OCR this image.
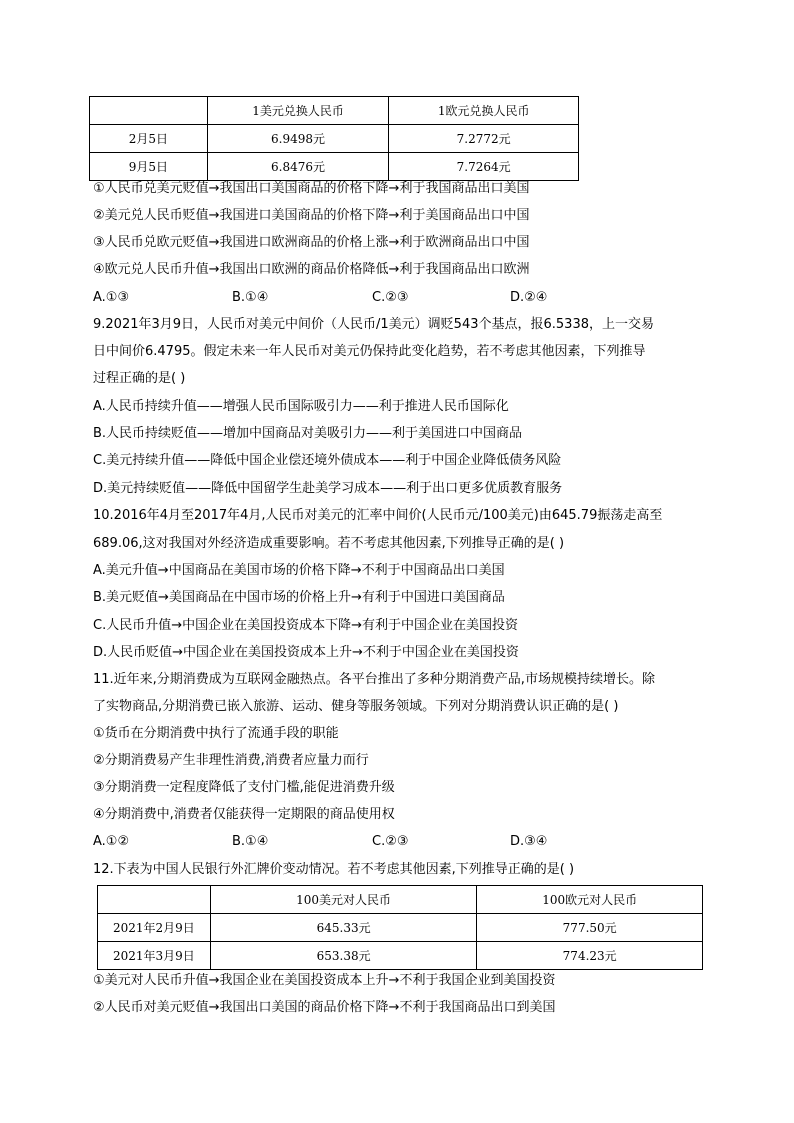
	1美元兑换人民币	1欧元兑换人民币
2月5日	6.9498元	7.2772元
9月5日	6.8476元	7.7264元
①人民币兑美元贬值→我国出口美国商品的价格下降→利于我国商品出口美国
②美元兑人民币贬值→我国进口美国商品的价格下降→利于美国商品出口中国
③人民币兑欧元贬值→我国进口欧洲商品的价格上涨→利于欧洲商品出口中国
④欧元兑人民币升值→我国出口欧洲的商品价格降低→利于我国商品出口欧洲
A.①③	B.①④	C.②③	D.②④
9.2021年3月9日，人民币对美元中间价（人民币/1美元）调贬543个基点，报6.5338，上一交易
日中间价6.4795。假定未来一年人民币对美元仍保持此变化趋势，若不考虑其他因素，下列推导
过程正确的是( )
A.人民币持续升值——增强人民币国际吸引力——利于推进人民币国际化
B.人民币持续贬值——增加中国商品对美吸引力——利于美国进口中国商品
C.美元持续升值——降低中国企业偿还境外债成本——利于中国企业降低债务风险
D.美元持续贬值——降低中国留学生赴美学习成本——利于出口更多优质教育服务
10.2016年4月至2017年4月,人民币对美元的汇率中间价(人民币元/100美元)由645.79振荡走高至
689.06,这对我国对外经济造成重要影响。若不考虑其他因素,下列推导正确的是( )
A.美元升值→中国商品在美国市场的价格下降→不利于中国商品出口美国
B.美元贬值→美国商品在中国市场的价格上升→有利于中国进口美国商品
C.人民币升值→中国企业在美国投资成本下降→有利于中国企业在美国投资
D.人民币贬值→中国企业在美国投资成本上升→不利于中国企业在美国投资
11.近年来,分期消费成为互联网金融热点。各平台推出了多种分期消费产品,市场规模持续增长。除
了实物商品,分期消费已嵌入旅游、运动、健身等服务领域。下列对分期消费认识正确的是( )
①货币在分期消费中执行了流通手段的职能
②分期消费易产生非理性消费,消费者应量力而行
③分期消费一定程度降低了支付门槛,能促进消费升级
④分期消费中,消费者仅能获得一定期限的商品使用权
A.①②	B.①④	C.②③	D.③④
12.下表为中国人民银行外汇牌价变动情况。若不考虑其他因素,下列推导正确的是( )
	100美元对人民币	100欧元对人民币
2021年2月9日	645.33元	777.50元
2021年3月9日	653.38元	774.23元
①美元对人民币升值→我国企业在美国投资成本上升→不利于我国企业到美国投资
②人民币对美元贬值→我国出口美国的商品价格下降→不利于我国商品出口到美国
